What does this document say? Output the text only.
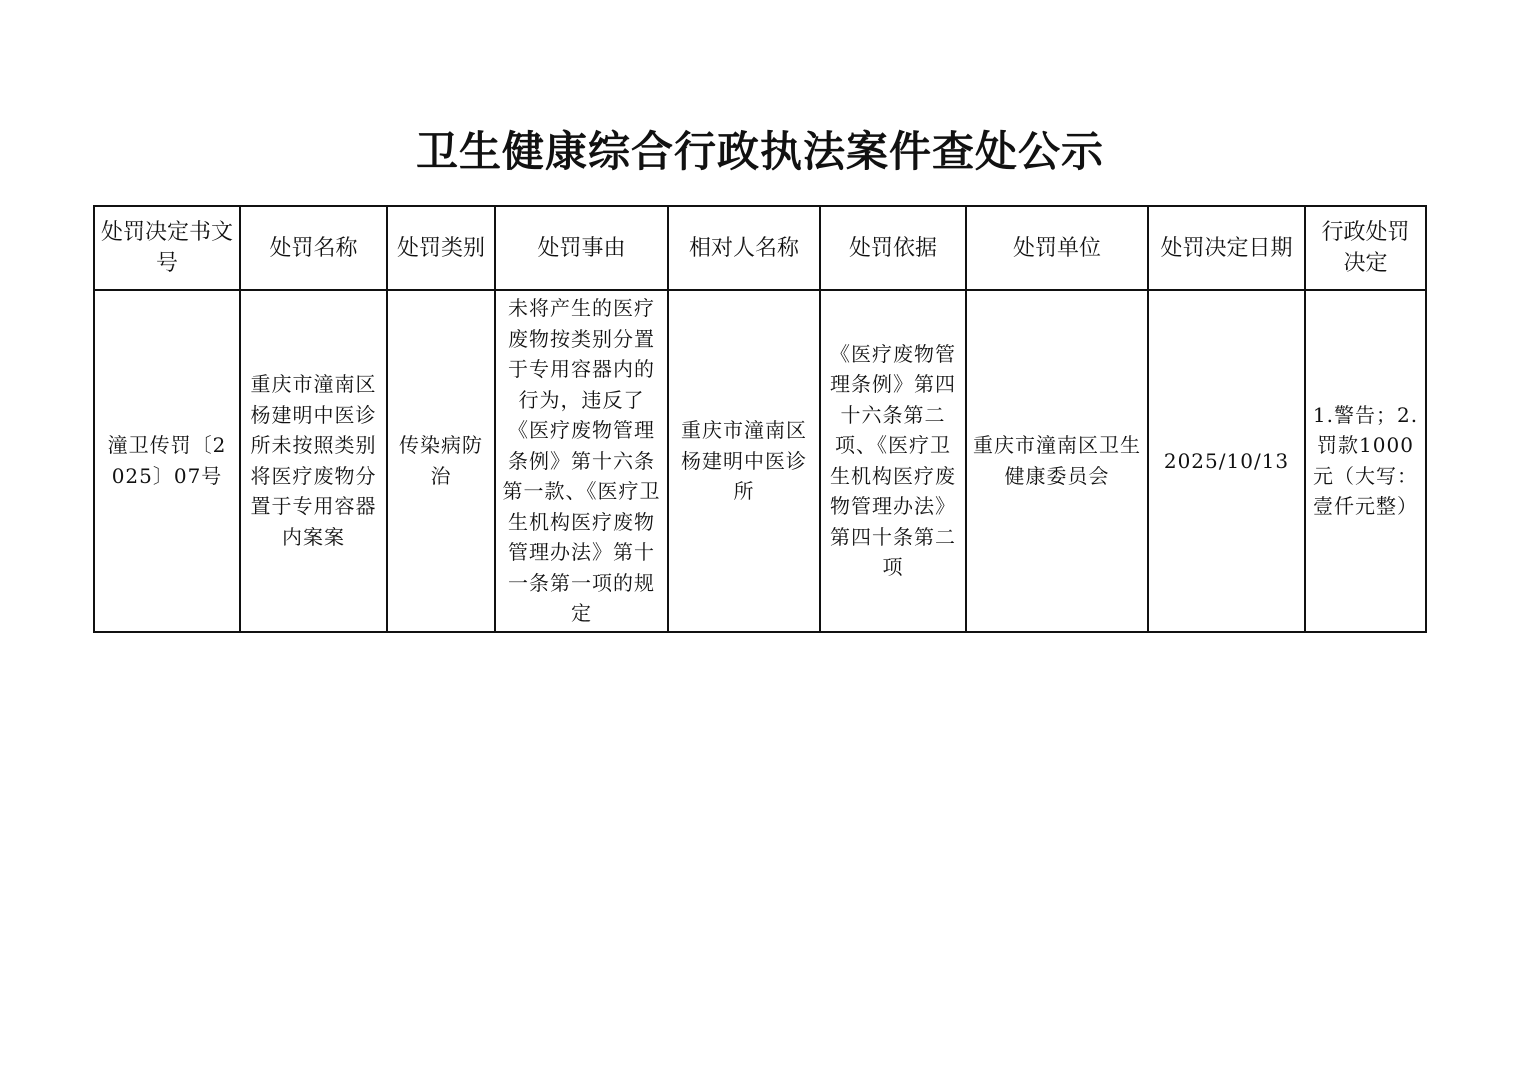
卫生健康综合行政执法案件查处公示
处罚决定书文号	处罚名称	处罚类别	处罚事由	相对人名称	处罚依据	处罚单位	处罚决定日期	行政处罚决定

潼卫传罚〔2025〕07号	重庆市潼南区杨建明中医诊所未按照类别将医疗废物分置于专用容器内案案	传染病防治	未将产生的医疗废物按类别分置于专用容器内的行为，违反了《医疗废物管理条例》第十六条第一款、《医疗卫生机构医疗废物管理办法》第十一条第一项的规定	重庆市潼南区杨建明中医诊所	《医疗废物管理条例》第四十六条第二项、《医疗卫生机构医疗废物管理办法》第四十条第二项	重庆市潼南区卫生健康委员会	2025/10/13	1.警告；2.罚款1000元（大写：壹仟元整）
